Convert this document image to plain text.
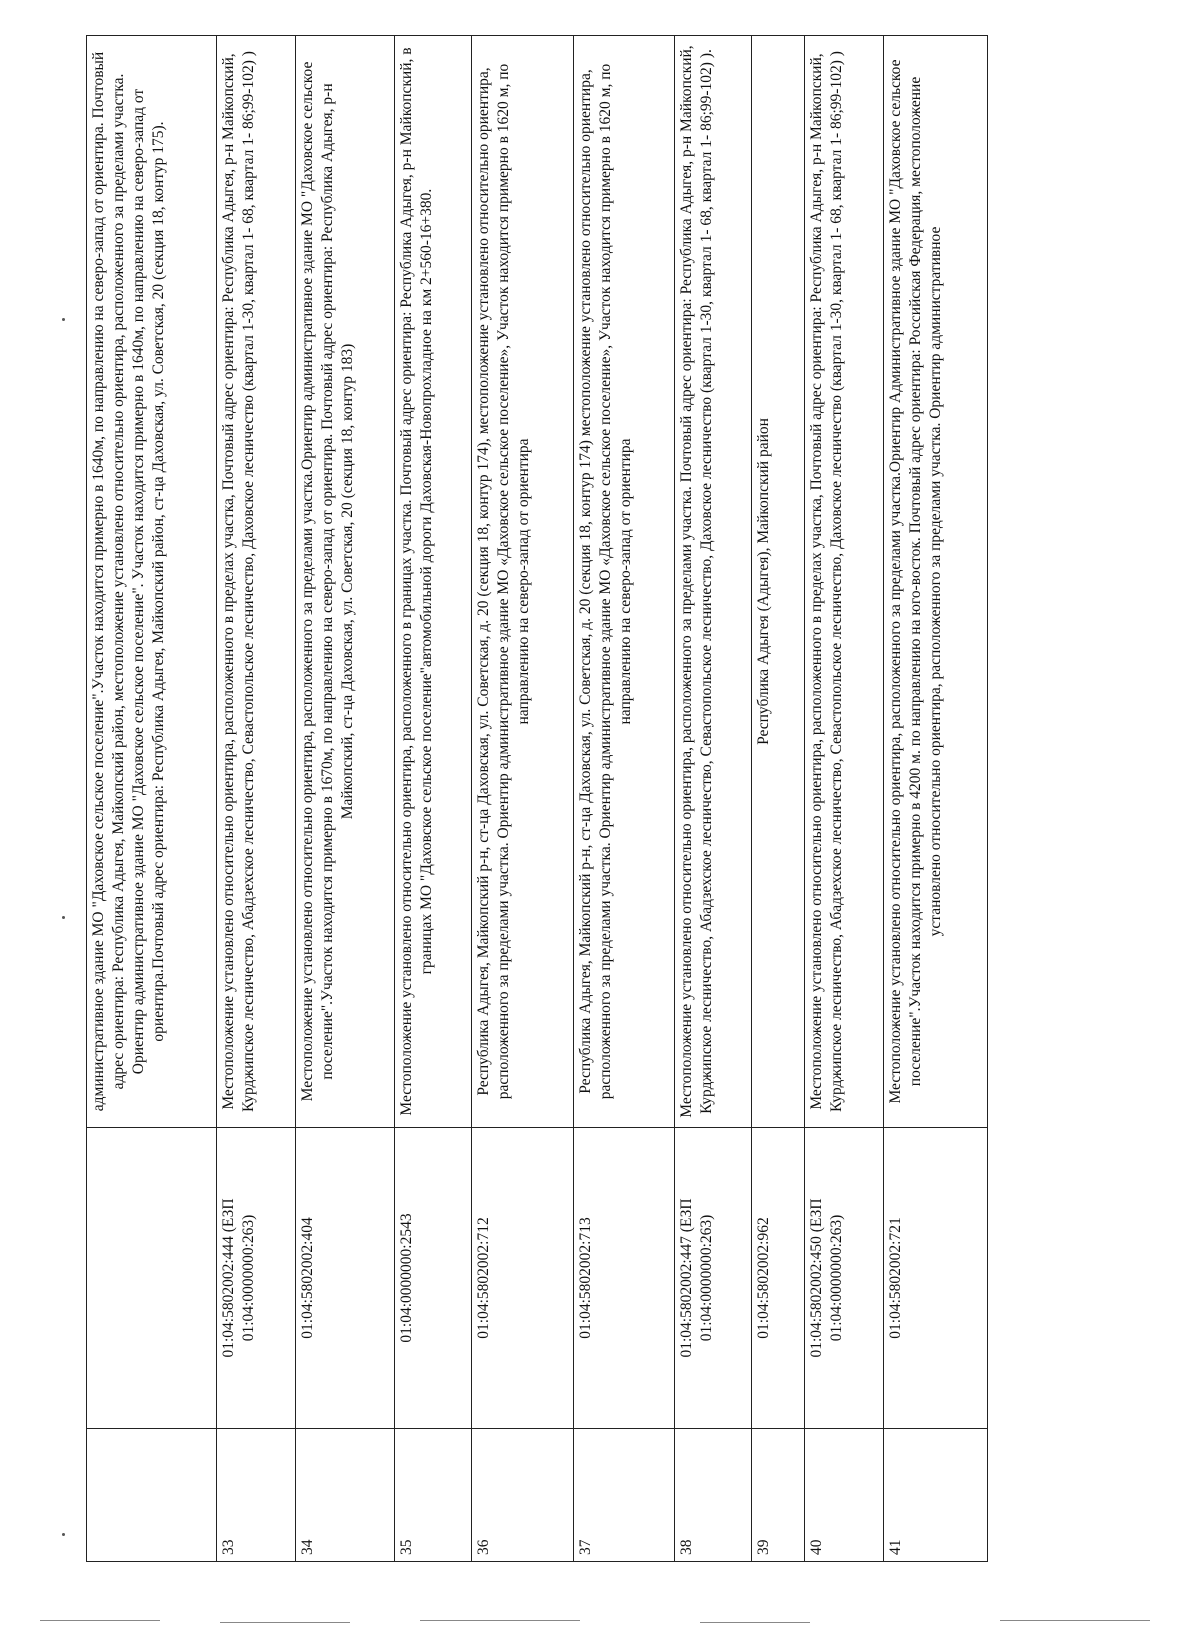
		административное здание МО "Даховское сельское поселение".Участок находится примерно в 1640м, по направлению на северо-запад от ориентира. Почтовый адрес ориентира: Республика Адыгея, Майкопский район, местоположение установлено относительно ориентира, расположенного за пределами участка. Ориентир административное здание МО "Даховское сельское поселение". Участок находится примерно в 1640м, по направлению на северо-запад от ориентира.Почтовый адрес ориентира: Республика Адыгея, Майкопский район, ст-ца Даховская, ул. Советская, 20 (секция 18, контур 175).
33	01:04:5802002:444 (ЕЗП 01:04:0000000:263)	Местоположение установлено относительно ориентира, расположенного в пределах участка, Почтовый адрес ориентира: Республика Адыгея, р-н Майкопский, Курджипское лесничество, Абадзехское лесничество, Севастопольское лесничество, Даховское лесничество (квартал 1-30, квартал 1- 68, квартал 1- 86;99-102) )
34	01:04:5802002:404	Местоположение установлено относительно ориентира, расположенного за пределами участка.Ориентир административное здание МО "Даховское сельское поселение".Участок находится примерно в 1670м, по направлению на северо-запад от ориентира. Почтовый адрес ориентира: Республика Адыгея, р-н Майкопский, ст-ца Даховская, ул. Советская, 20 (секция 18, контур 183)
35	01:04:0000000:2543	Местоположение установлено относительно ориентира, расположенного в границах участка. Почтовый адрес ориентира: Республика Адыгея, р-н Майкопский, в границах МО "Даховское сельское поселение"автомобильной дороги Даховская-Новопрохладное на км 2+560-16+380.
36	01:04:5802002:712	Республика Адыгея, Майкопский р-н, ст-ца Даховская, ул. Советская, д. 20 (секция 18, контур 174), местоположение установлено относительно ориентира, расположенного за пределами участка. Ориентир административное здание МО «Даховское сельское поселение», Участок находится примерно в 1620 м, по направлению на северо-запад от ориентира
37	01:04:5802002:713	Республика Адыгея, Майкопский р-н, ст-ца Даховская, ул. Советская, д. 20 (секция 18, контур 174) местоположение установлено относительно ориентира, расположенного за пределами участка. Ориентир административное здание МО «Даховское сельское поселение», Участок находится примерно в 1620 м, по направлению на северо-запад от ориентира
38	01:04:5802002:447 (ЕЗП 01:04:0000000:263)	Местоположение установлено относительно ориентира, расположенного за пределами участка. Почтовый адрес ориентира: Республика Адыгея, р-н Майкопский, Курджипское лесничество, Абадзехское лесничество, Севастопольское лесничество, Даховское лесничество (квартал 1-30, квартал 1- 68, квартал 1- 86;99-102) ).
39	01:04:5802002:962	Республика Адыгея (Адыгея), Майкопский район
40	01:04:5802002:450 (ЕЗП 01:04:0000000:263)	Местоположение установлено относительно ориентира, расположенного в пределах участка, Почтовый адрес ориентира: Республика Адыгея, р-н Майкопский, Курджипское лесничество, Абадзехское лесничество, Севастопольское лесничество, Даховское лесничество (квартал 1-30, квартал 1- 68, квартал 1- 86;99-102) )
41	01:04:5802002:721	Местоположение установлено относительно ориентира, расположенного за пределами участка.Ориентир Административное здание МО "Даховское сельское поселение".Участок находится примерно в 4200 м. по направлению на юго-восток. Почтовый адрес ориентира: Российская Федерация, местоположение установлено относительно ориентира, расположенного за пределами участка. Ориентир административное
